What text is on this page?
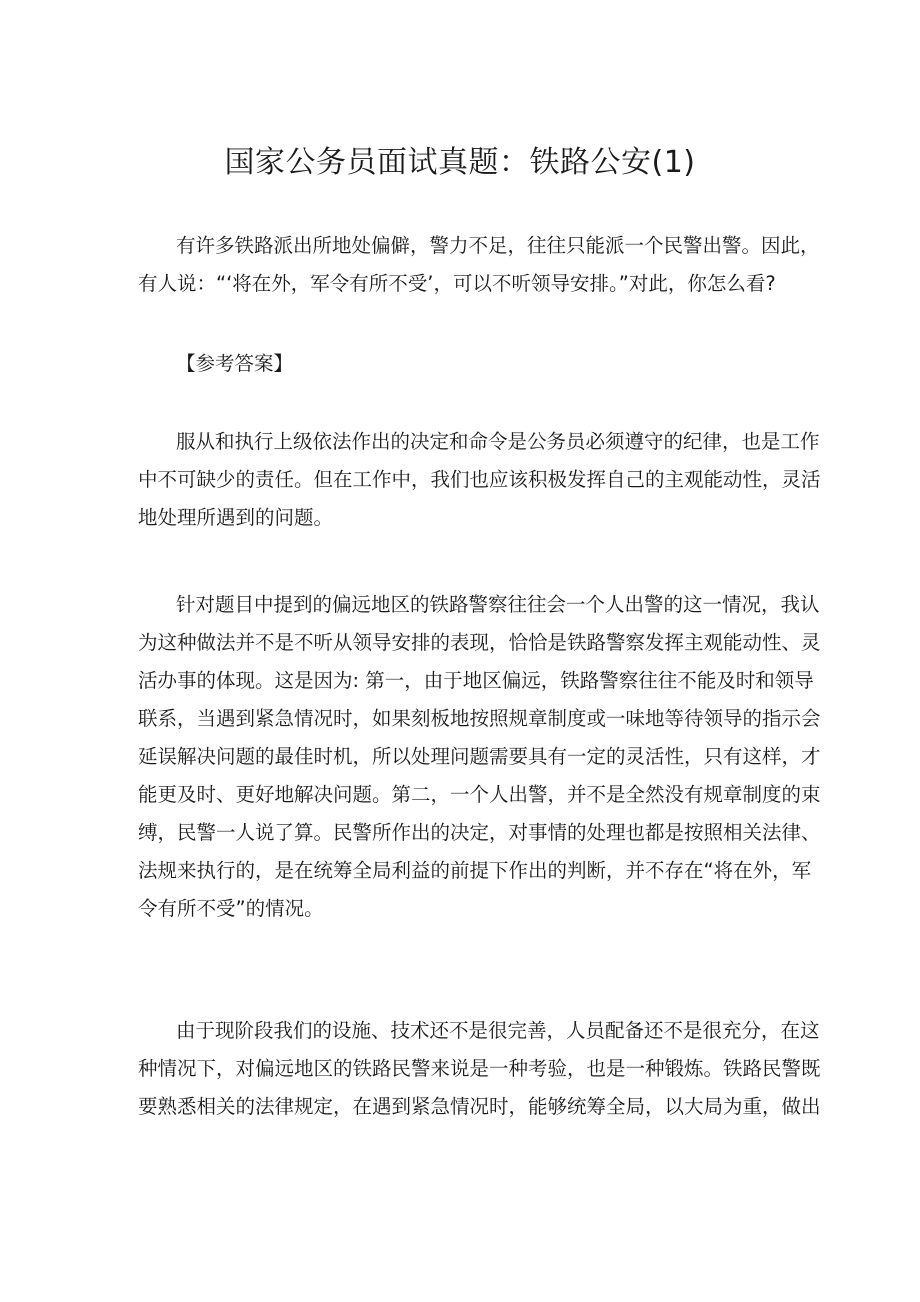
国家公务员面试真题：铁路公安(1)
有许多铁路派出所地处偏僻，警力不足，往往只能派一个民警出警。因此，
有人说：“‘将在外，军令有所不受’，可以不听领导安排。”对此，你怎么看?

【参考答案】

服从和执行上级依法作出的决定和命令是公务员必须遵守的纪律，也是工作
中不可缺少的责任。但在工作中，我们也应该积极发挥自己的主观能动性，灵活
地处理所遇到的问题。
针对题目中提到的偏远地区的铁路警察往往会一个人出警的这一情况，我认
为这种做法并不是不听从领导安排的表现，恰恰是铁路警察发挥主观能动性、灵
活办事的体现。这是因为: 第一，由于地区偏远，铁路警察往往不能及时和领导
联系，当遇到紧急情况时，如果刻板地按照规章制度或一味地等待领导的指示会
延误解决问题的最佳时机，所以处理问题需要具有一定的灵活性，只有这样，才
能更及时、更好地解决问题。第二，一个人出警，并不是全然没有规章制度的束
缚，民警一人说了算。民警所作出的决定，对事情的处理也都是按照相关法律、
法规来执行的，是在统筹全局利益的前提下作出的判断，并不存在“将在外，军
令有所不受”的情况。
由于现阶段我们的设施、技术还不是很完善，人员配备还不是很充分，在这
种情况下，对偏远地区的铁路民警来说是一种考验，也是一种锻炼。铁路民警既
要熟悉相关的法律规定，在遇到紧急情况时，能够统筹全局，以大局为重，做出
